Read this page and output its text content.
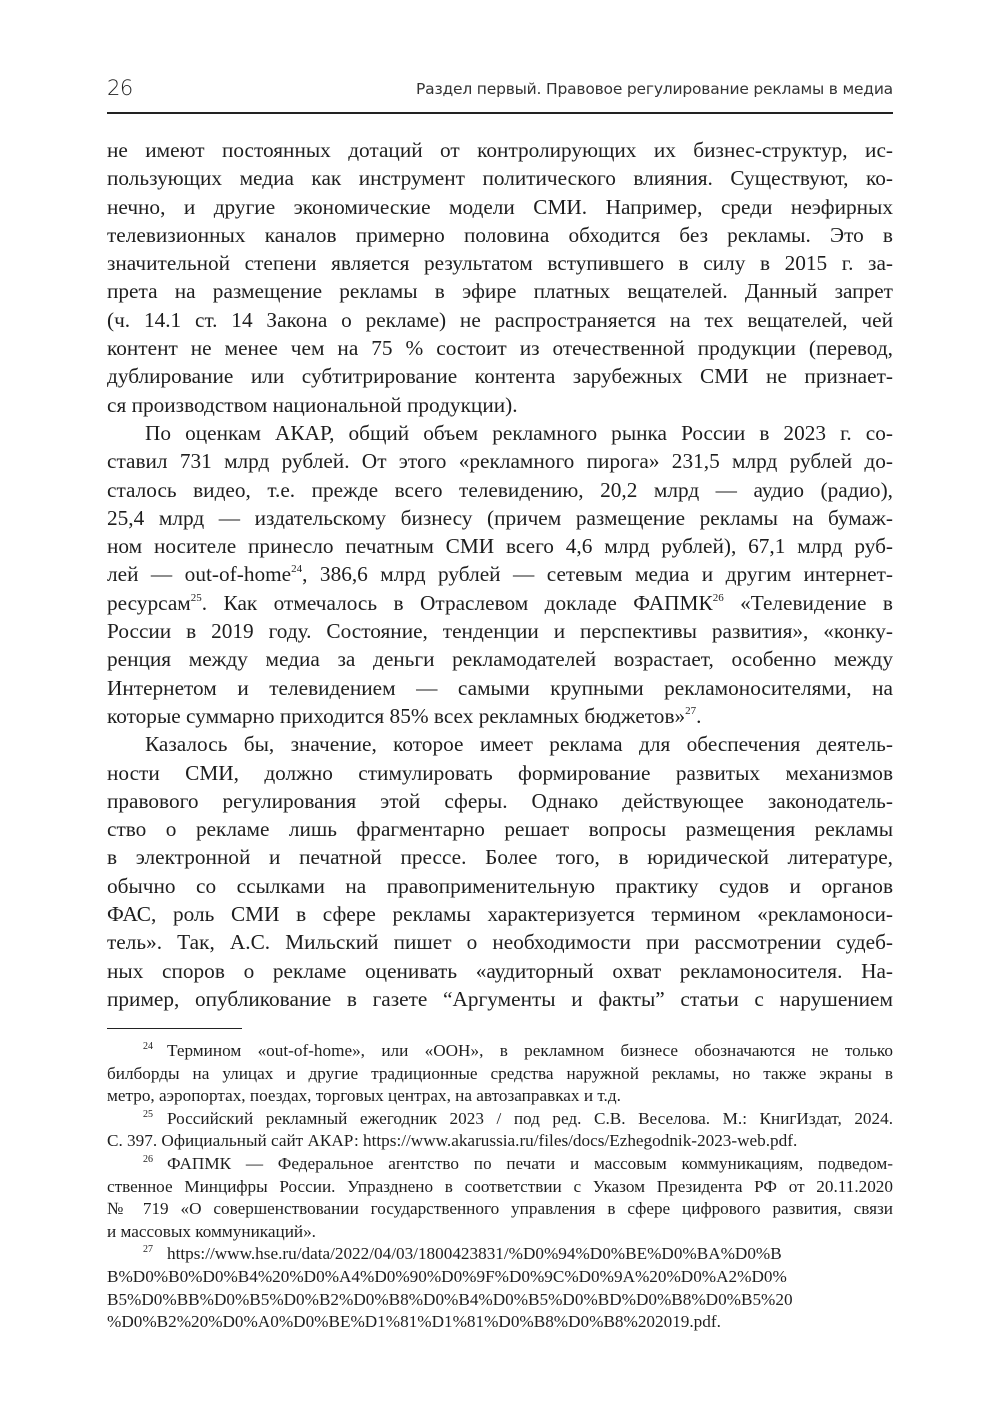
26	Раздел первый. Правовое регулирование рекламы в медиа
не имеют постоянных дотаций от контролирующих их бизнес-структур, ис-
пользующих медиа как инструмент политического влияния. Существуют, ко-
нечно, и другие экономические модели СМИ. Например, среди неэфирных
телевизионных каналов примерно половина обходится без рекламы. Это в
значительной степени является результатом вступившего в силу в 2015 г. за-
прета на размещение рекламы в эфире платных вещателей. Данный запрет
(ч. 14.1 ст. 14 Закона о рекламе) не распространяется на тех вещателей, чей
контент не менее чем на 75 % состоит из отечественной продукции (перевод,
дублирование или субтитрирование контента зарубежных СМИ не признает-
ся производством национальной продукции).
По оценкам АКАР, общий объем рекламного рынка России в 2023 г. со-
ставил 731 млрд рублей. От этого «рекламного пирога» 231,5 млрд рублей до-
сталось видео, т.е. прежде всего телевидению, 20,2 млрд — аудио (радио),
25,4 млрд — издательскому бизнесу (причем размещение рекламы на бумаж-
ном носителе принесло печатным СМИ всего 4,6 млрд рублей), 67,1 млрд руб-
лей — out-of-home$^{24}$, 386,6 млрд рублей — сетевым медиа и другим интернет-
ресурсам$^{25}$. Как отмечалось в Отраслевом докладе ФАПМК$^{26}$ «Телевидение в
России в 2019 году. Состояние, тенденции и перспективы развития», «конку-
ренция между медиа за деньги рекламодателей возрастает, особенно между
Интернетом и телевидением — самыми крупными рекламоносителями, на
которые суммарно приходится 85% всех рекламных бюджетов»$^{27}$.
Казалось бы, значение, которое имеет реклама для обеспечения деятель-
ности СМИ, должно стимулировать формирование развитых механизмов
правового регулирования этой сферы. Однако действующее законодатель-
ство о рекламе лишь фрагментарно решает вопросы размещения рекламы
в электронной и печатной прессе. Более того, в юридической литературе,
обычно со ссылками на правоприменительную практику судов и органов
ФАС, роль СМИ в сфере рекламы характеризуется термином «рекламоноси-
тель». Так, А.С. Мильский пишет о необходимости при рассмотрении судеб-
ных споров о рекламе оценивать «аудиторный охват рекламоносителя. На-
пример, опубликование в газете “Аргументы и факты” статьи с нарушением
$^{24}$ Термином «out-of-home», или «OOH», в рекламном бизнесе обозначаются не только
билборды на улицах и другие традиционные средства наружной рекламы, но также экраны в
метро, аэропортах, поездах, торговых центрах, на автозаправках и т.д.
$^{25}$ Российский рекламный ежегодник 2023 / под ред. С.В. Веселова. М.: КнигИздат, 2024.
С. 397. Официальный сайт АКАР: https://www.akarussia.ru/files/docs/Ezhegodnik-2023-web.pdf.
$^{26}$ ФАПМК — Федеральное агентство по печати и массовым коммуникациям, подведом-
ственное Минцифры России. Упразднено в соответствии с Указом Президента РФ от 20.11.2020
№ 719 «О совершенствовании государственного управления в сфере цифрового развития, связи
и массовых коммуникаций».
$^{27}$ https://www.hse.ru/data/2022/04/03/1800423831/%D0%94%D0%BE%D0%BA%D0%B
B%D0%B0%D0%B4%20%D0%A4%D0%90%D0%9F%D0%9C%D0%9A%20%D0%A2%D0%
B5%D0%BB%D0%B5%D0%B2%D0%B8%D0%B4%D0%B5%D0%BD%D0%B8%D0%B5%20
%D0%B2%20%D0%A0%D0%BE%D1%81%D1%81%D0%B8%D0%B8%202019.pdf.
